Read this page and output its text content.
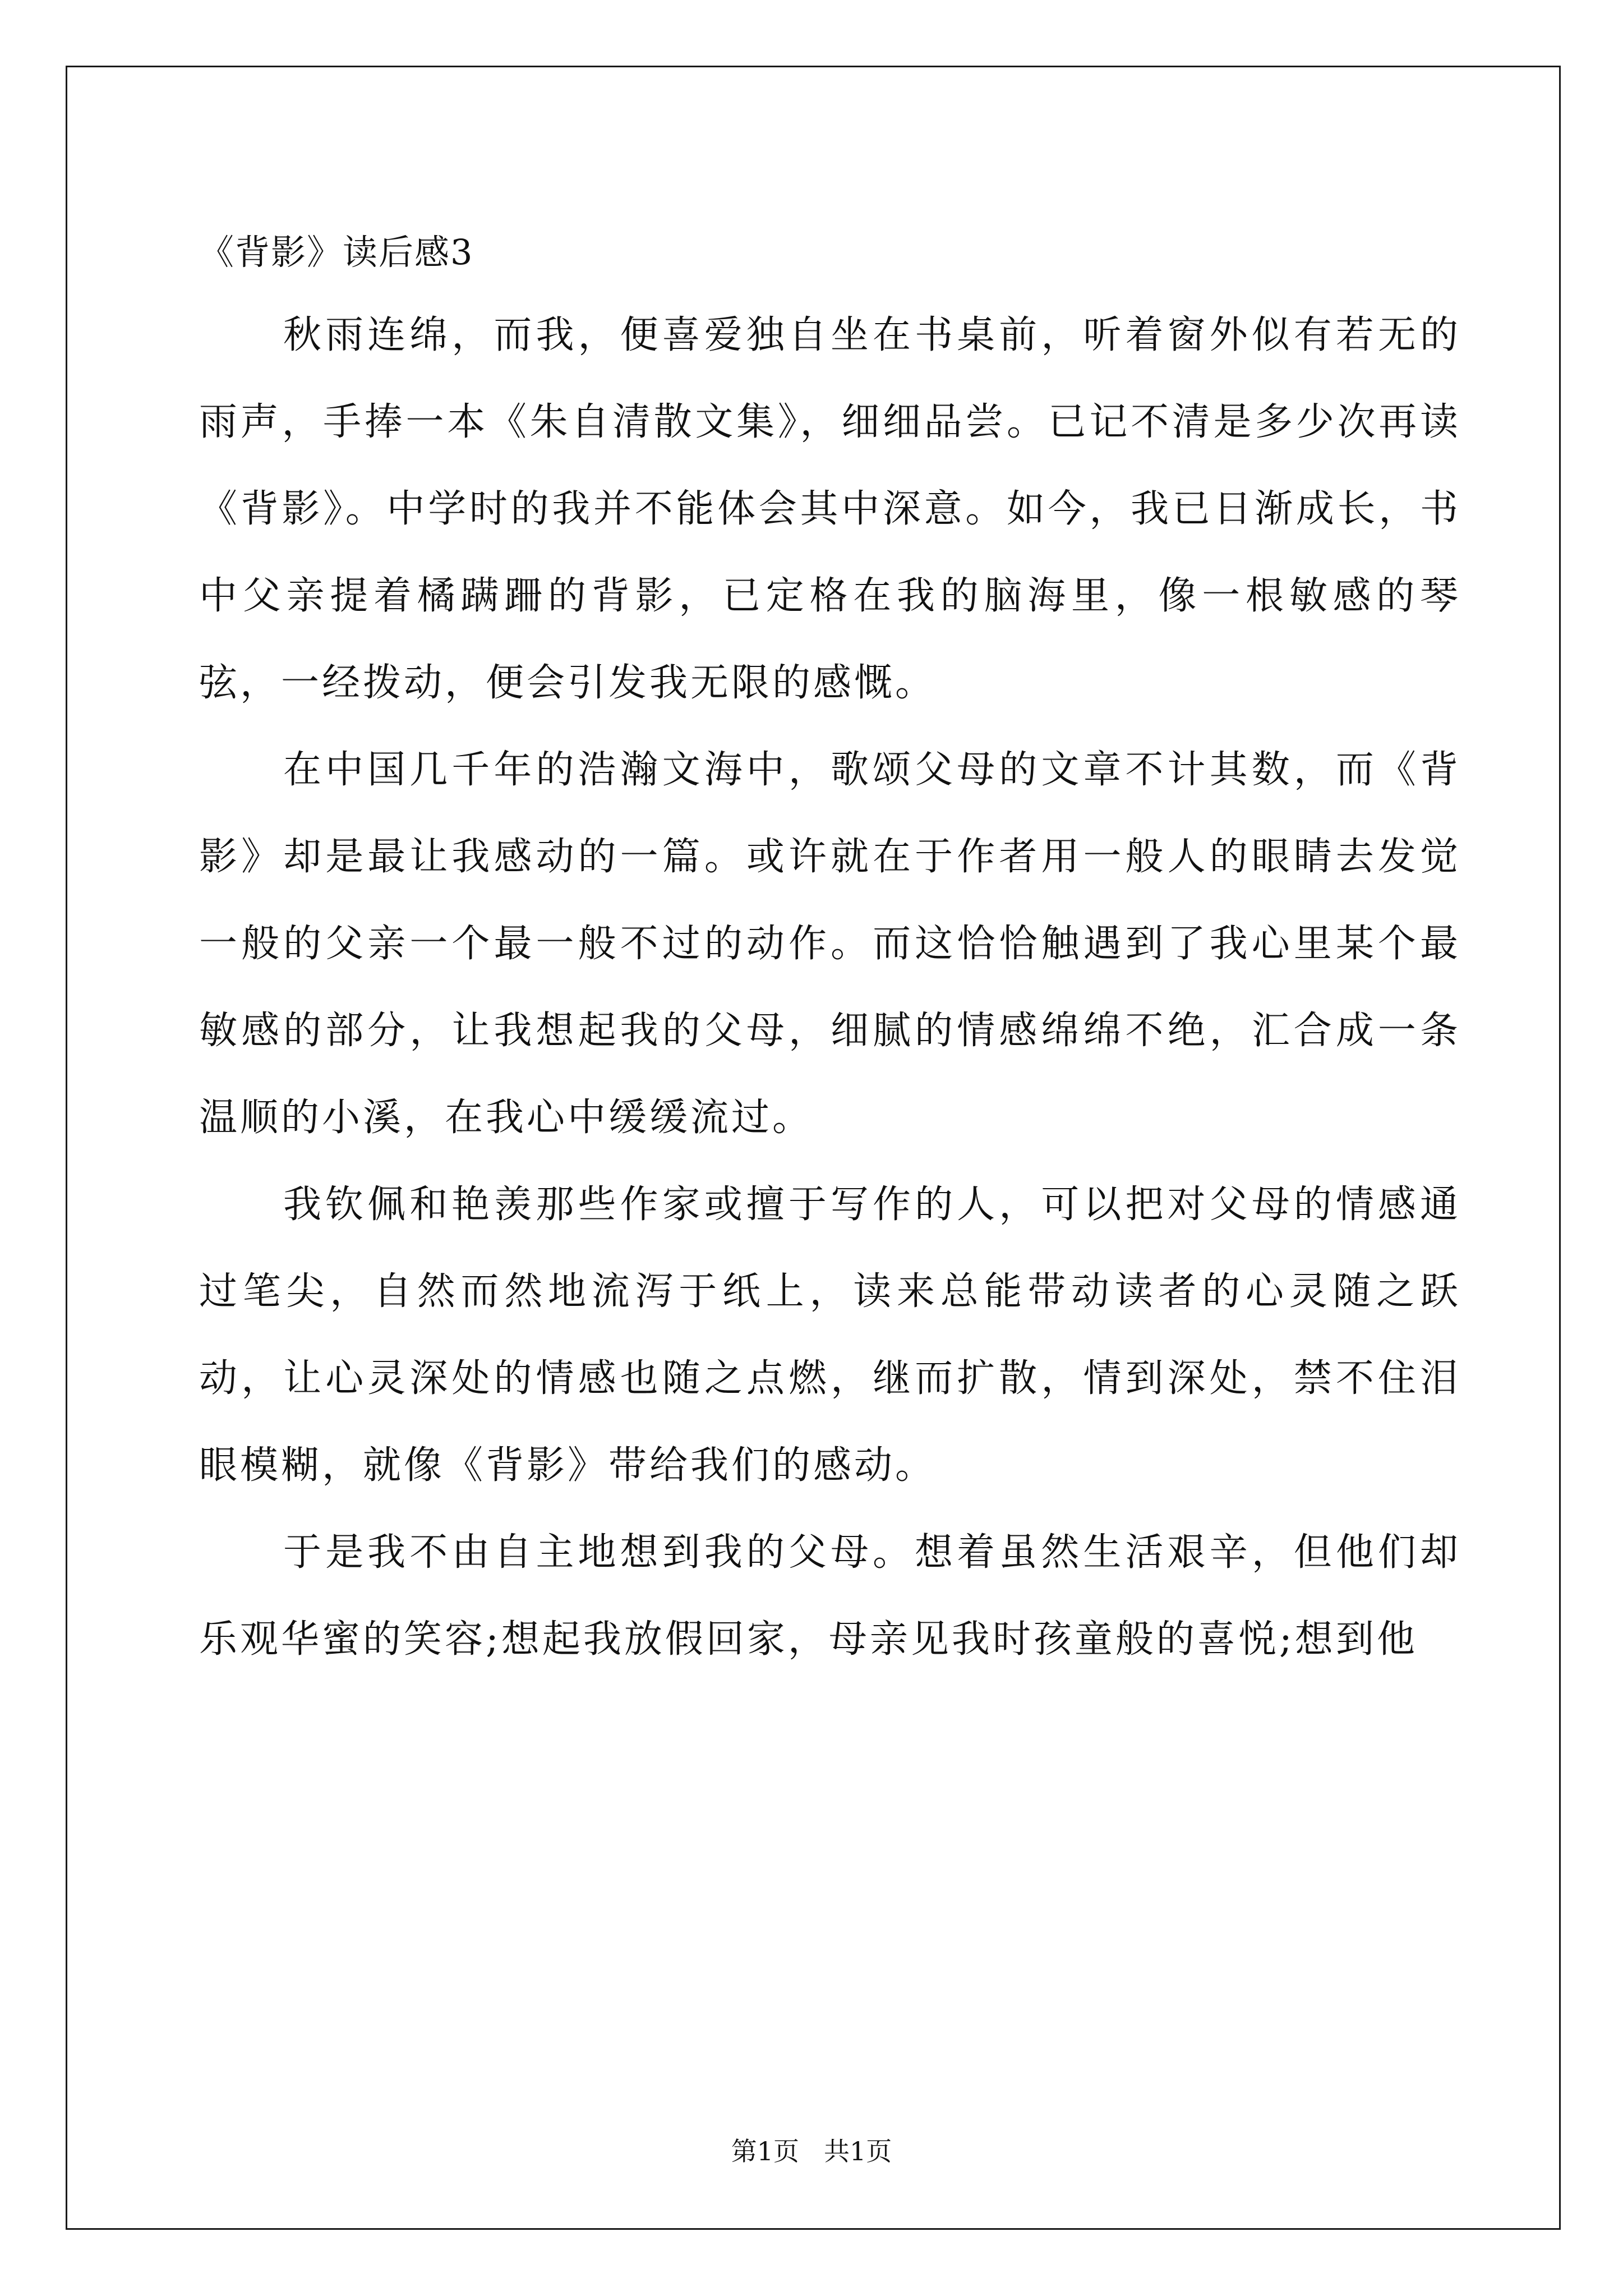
《背影》读后感3

秋雨连绵，而我，便喜爱独自坐在书桌前，听着窗外似有若无的雨声，手捧一本《朱自清散文集》，细细品尝。已记不清是多少次再读《背影》。中学时的我并不能体会其中深意。如今，我已日渐成长，书中父亲提着橘蹒跚的背影，已定格在我的脑海里，像一根敏感的琴弦，一经拨动，便会引发我无限的感慨。

在中国几千年的浩瀚文海中，歌颂父母的文章不计其数，而《背影》却是最让我感动的一篇。或许就在于作者用一般人的眼睛去发觉一般的父亲一个最一般不过的动作。而这恰恰触遇到了我心里某个最敏感的部分，让我想起我的父母，细腻的情感绵绵不绝，汇合成一条温顺的小溪，在我心中缓缓流过。

我钦佩和艳羡那些作家或擅于写作的人，可以把对父母的情感通过笔尖，自然而然地流泻于纸上，读来总能带动读者的心灵随之跃动，让心灵深处的情感也随之点燃，继而扩散，情到深处，禁不住泪眼模糊，就像《背影》带给我们的感动。

于是我不由自主地想到我的父母。想着虽然生活艰辛，但他们却乐观华蜜的笑容;想起我放假回家，母亲见我时孩童般的喜悦;想到他

第1页 共1页
